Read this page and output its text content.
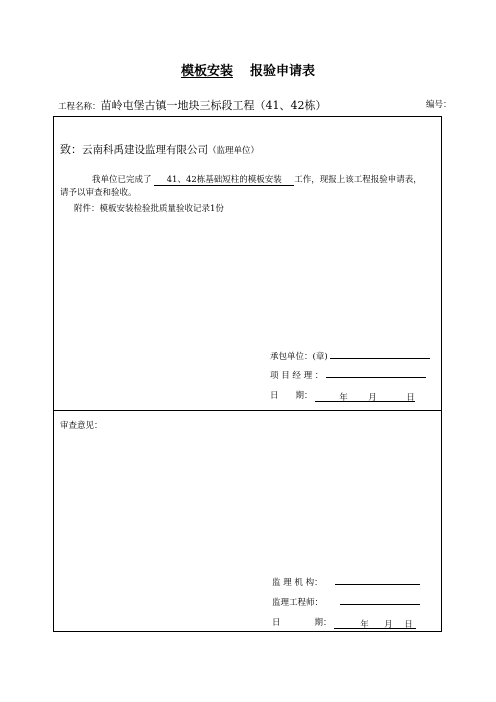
模板安装 报验申请表
工程名称：苗岭屯堡古镇一地块三标段工程（41、42栋）	编号：
致：云南科禹建设监理有限公司（监理单位）
我单位已完成了 41、42栋基础短柱的模板安装 工作，现报上该工程报验申请表，
请予以审查和验收。
附件：模板安装检验批质量验收记录1份
承包单位：(章)
项 目 经 理 ：
日　　期：	年 月	日

审查意见：
监 理 机 构：
监理工程师：
日　　　　期：	年 月 日
